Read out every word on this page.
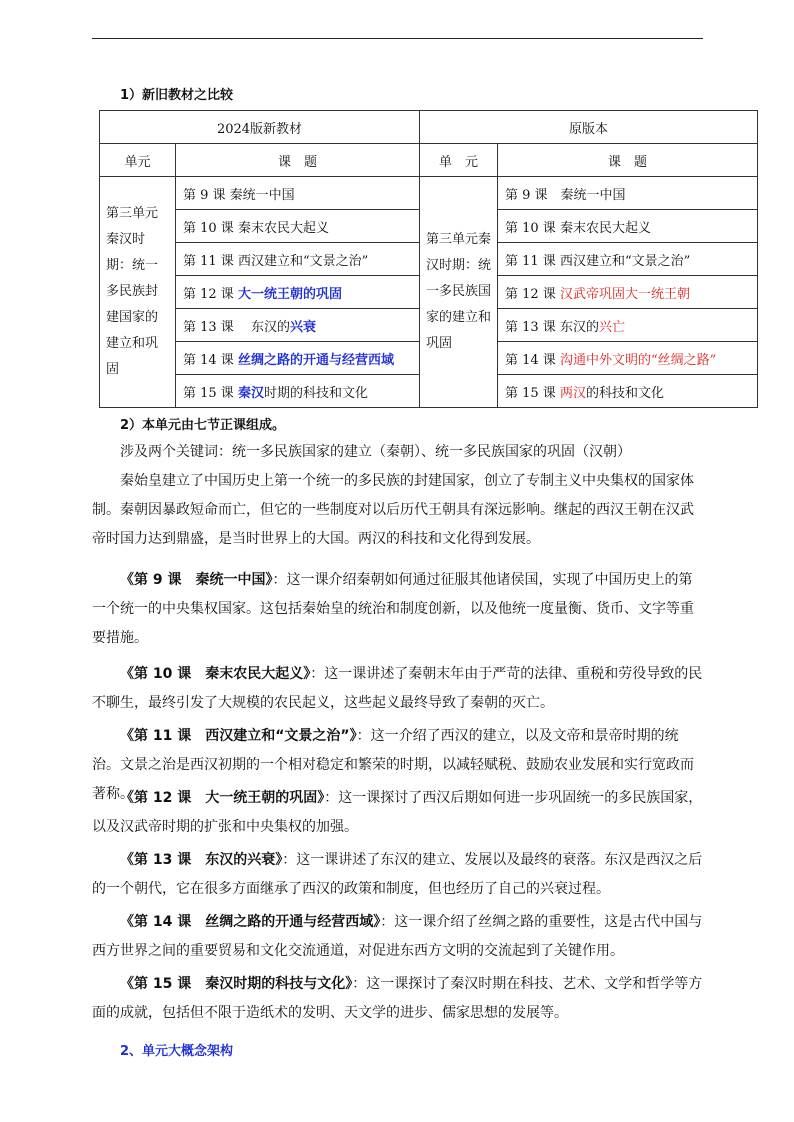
1）新旧教材之比较
2024版新教材		原版本	
单元	课　题	单　元	课　题
第三单元秦汉时期：统一多民族封建国家的建立和巩固	第 9 课 秦统一中国	第三单元秦汉时期：统一多民族国家的建立和巩固	第 9 课　秦统一中国
	第 10 课 秦末农民大起义		第 10 课 秦末农民大起义
	第 11 课 西汉建立和“文景之治”		第 11 课 西汉建立和“文景之治”
	第 12 课 大一统王朝的巩固		第 12 课 汉武帝巩固大一统王朝
	第 13 课　 东汉的兴衰		第 13 课 东汉的兴亡
	第 14 课 丝绸之路的开通与经营西域		第 14 课 沟通中外文明的“丝绸之路”
	第 15 课 秦汉时期的科技和文化		第 15 课 两汉的科技和文化
2）本单元由七节正课组成。
涉及两个关键词：统一多民族国家的建立（秦朝）、统一多民族国家的巩固（汉朝）
秦始皇建立了中国历史上第一个统一的多民族的封建国家，创立了专制主义中央集权的国家体制。秦朝因暴政短命而亡，但它的一些制度对以后历代王朝具有深远影响。继起的西汉王朝在汉武帝时国力达到鼎盛，是当时世界上的大国。两汉的科技和文化得到发展。
《第 9 课　秦统一中国》：这一课介绍秦朝如何通过征服其他诸侯国，实现了中国历史上的第一个统一的中央集权国家。这包括秦始皇的统治和制度创新，以及他统一度量衡、货币、文字等重要措施。
《第 10 课　秦末农民大起义》：这一课讲述了秦朝末年由于严苛的法律、重税和劳役导致的民不聊生，最终引发了大规模的农民起义，这些起义最终导致了秦朝的灭亡。
《第 11 课　西汉建立和“文景之治”》：这一介绍了西汉的建立，以及文帝和景帝时期的统治。文景之治是西汉初期的一个相对稳定和繁荣的时期，以减轻赋税、鼓励农业发展和实行宽政而著称。
《第 12 课　大一统王朝的巩固》：这一课探讨了西汉后期如何进一步巩固统一的多民族国家，以及汉武帝时期的扩张和中央集权的加强。
《第 13 课　东汉的兴衰》：这一课讲述了东汉的建立、发展以及最终的衰落。东汉是西汉之后的一个朝代，它在很多方面继承了西汉的政策和制度，但也经历了自己的兴衰过程。
《第 14 课　丝绸之路的开通与经营西域》：这一课介绍了丝绸之路的重要性，这是古代中国与西方世界之间的重要贸易和文化交流通道，对促进东西方文明的交流起到了关键作用。
《第 15 课　秦汉时期的科技与文化》：这一课探讨了秦汉时期在科技、艺术、文学和哲学等方面的成就，包括但不限于造纸术的发明、天文学的进步、儒家思想的发展等。
2、单元大概念架构
